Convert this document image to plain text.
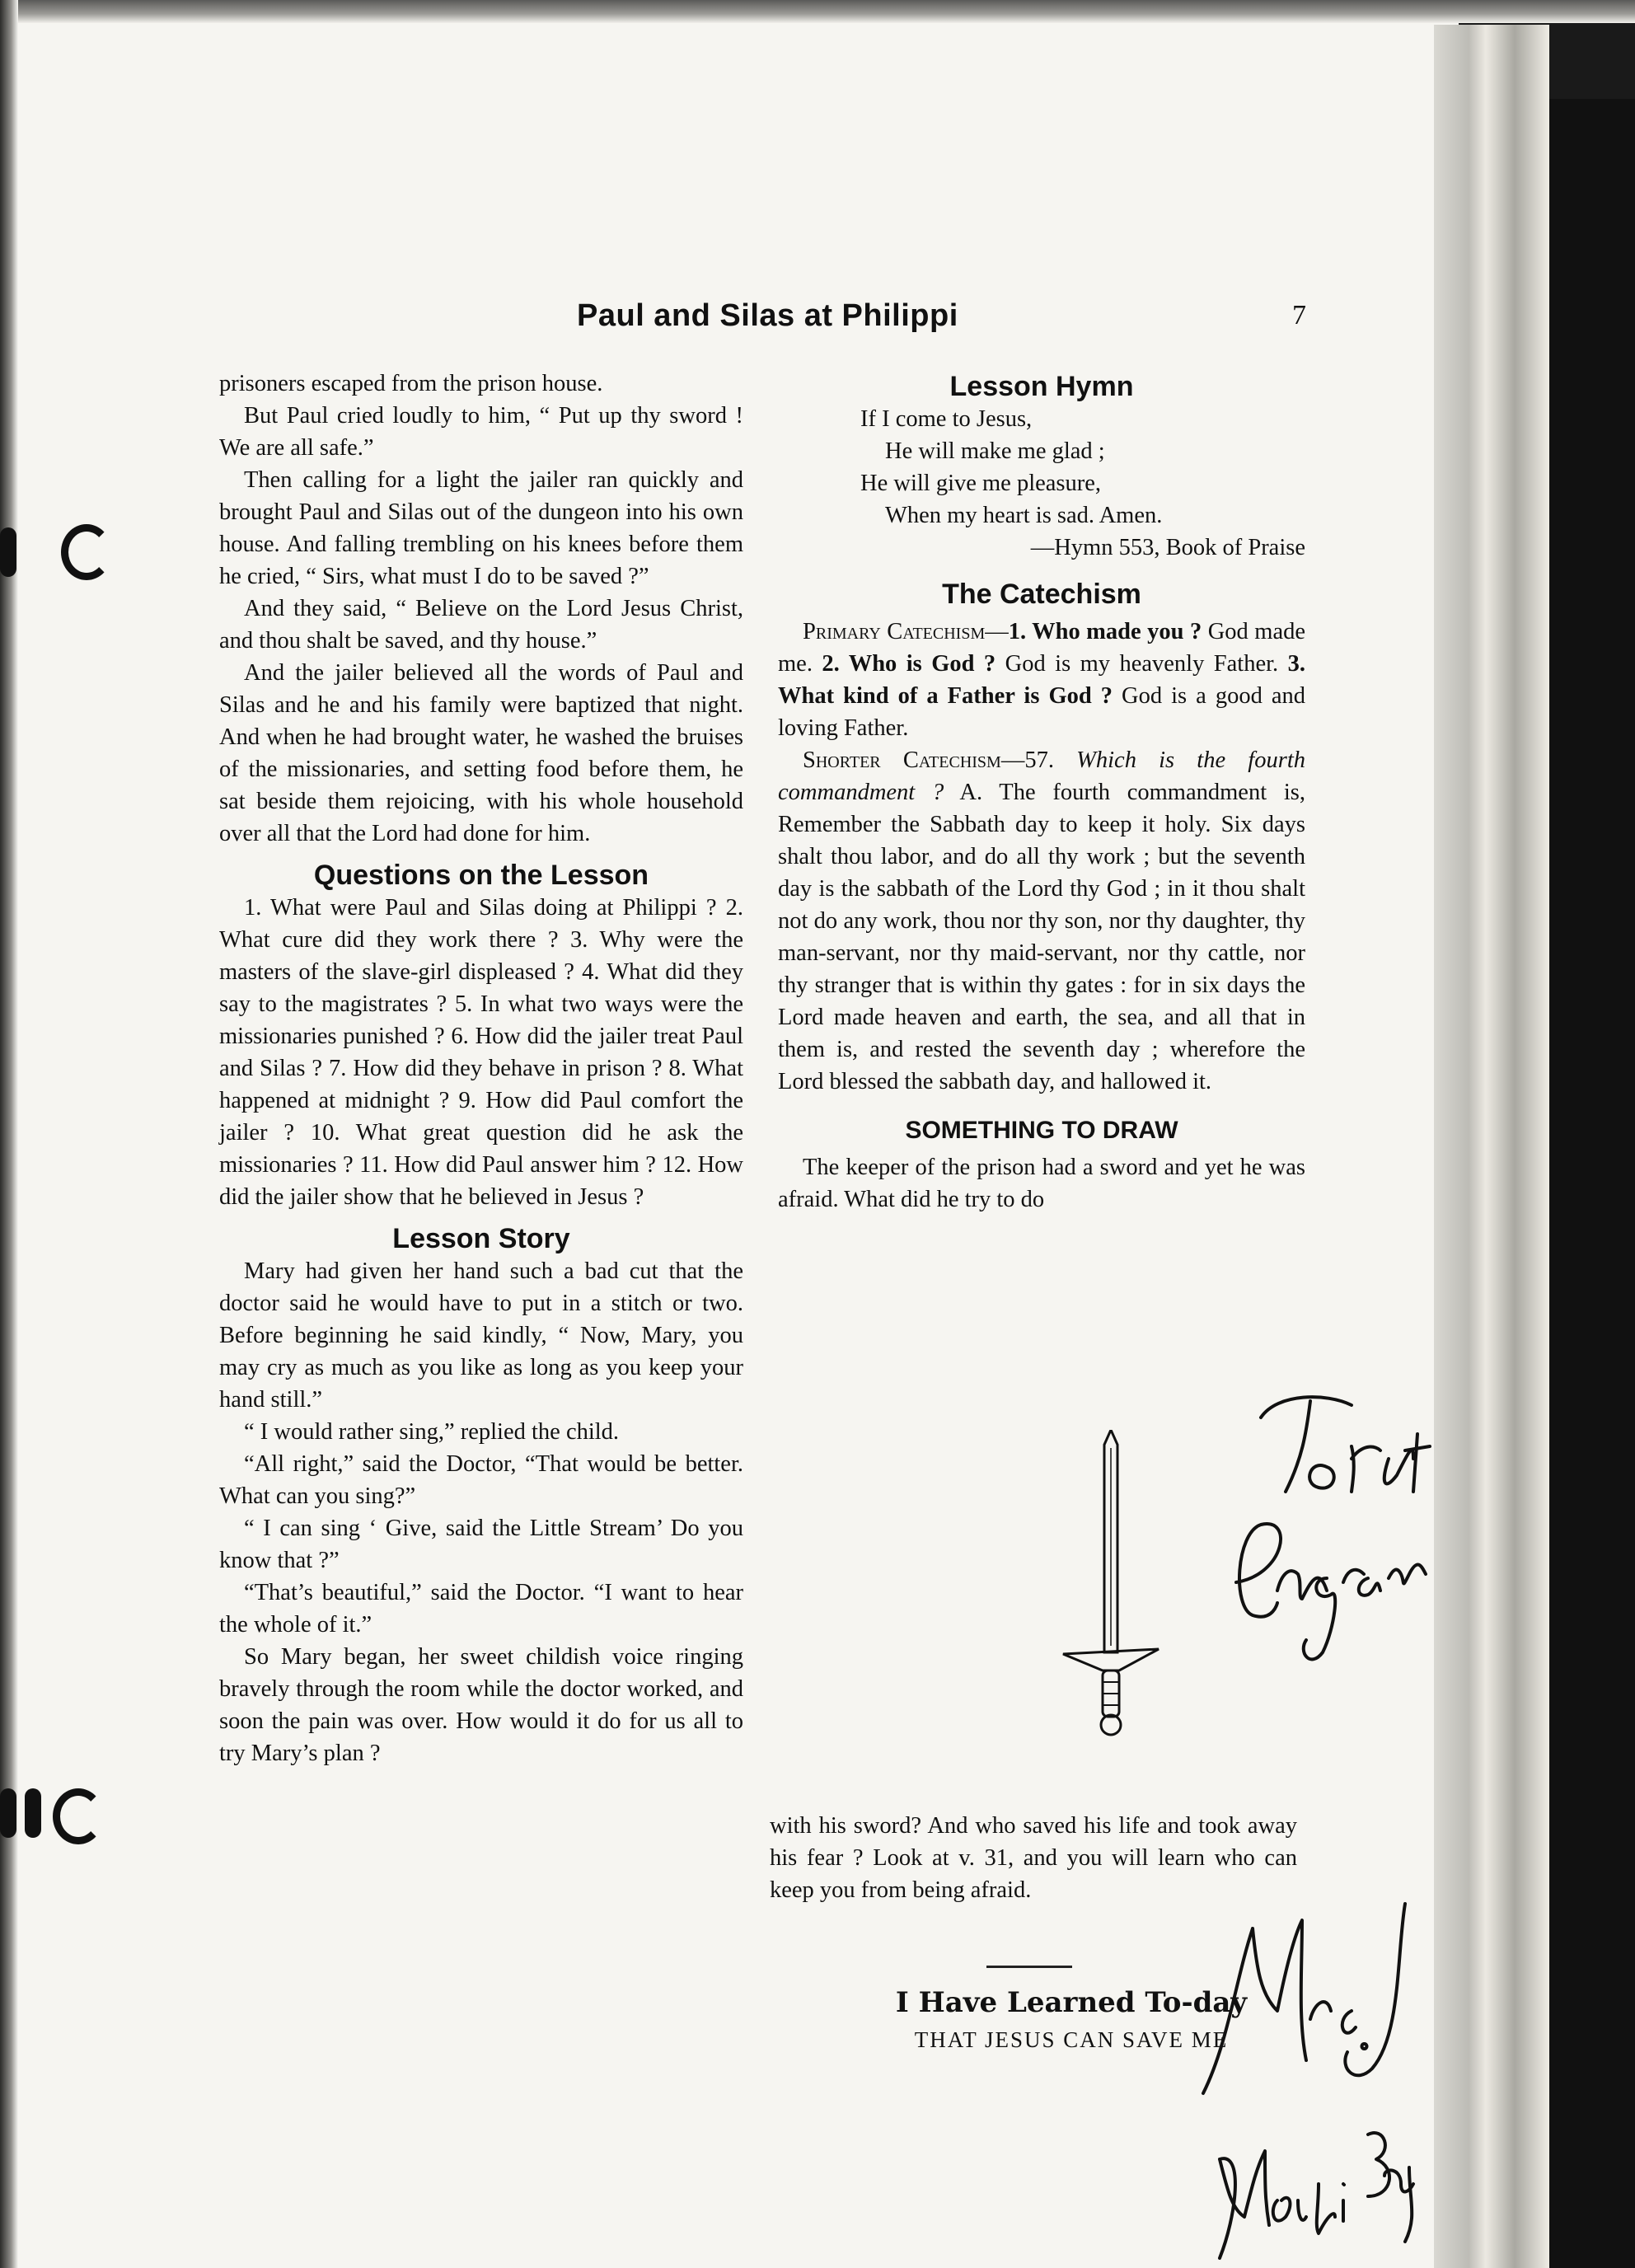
Paul and Silas at Philippi	7

prisoners escaped from the prison house.

But Paul cried loudly to him, “ Put up thy sword ! We are all safe.”

Then calling for a light the jailer ran quickly and brought Paul and Silas out of the dungeon into his own house. And falling trembling on his knees before them he cried, “ Sirs, what must I do to be saved ?”

And they said, “ Believe on the Lord Jesus Christ, and thou shalt be saved, and thy house.”

And the jailer believed all the words of Paul and Silas and he and his family were baptized that night. And when he had brought water, he washed the bruises of the missionaries, and setting food before them, he sat beside them rejoicing, with his whole household over all that the Lord had done for him.

Questions on the Lesson

1. What were Paul and Silas doing at Philippi ? 2. What cure did they work there ? 3. Why were the masters of the slave-girl displeased ? 4. What did they say to the magistrates ? 5. In what two ways were the missionaries punished ? 6. How did the jailer treat Paul and Silas ? 7. How did they behave in prison ? 8. What happened at midnight ? 9. How did Paul comfort the jailer ? 10. What great question did he ask the missionaries ? 11. How did Paul answer him ? 12. How did the jailer show that he believed in Jesus ?

Lesson Story

Mary had given her hand such a bad cut that the doctor said he would have to put in a stitch or two. Before beginning he said kindly, “ Now, Mary, you may cry as much as you like as long as you keep your hand still.”

“ I would rather sing,” replied the child.

“All right,” said the Doctor, “That would be better. What can you sing?”

“ I can sing ‘ Give, said the Little Stream’ Do you know that ?”

“That’s beautiful,” said the Doctor. “I want to hear the whole of it.”

So Mary began, her sweet childish voice ringing bravely through the room while the doctor worked, and soon the pain was over. How would it do for us all to try Mary’s plan ?

Lesson Hymn

If I come to Jesus,

He will make me glad ;

He will give me pleasure,

When my heart is sad. Amen.

—Hymn 553, Book of Praise

The Catechism

Primary Catechism—1. Who made you ? God made me. 2. Who is God ? God is my heavenly Father. 3. What kind of a Father is God ? God is a good and loving Father.

Shorter Catechism—57. Which is the fourth commandment ? A. The fourth commandment is, Remember the Sabbath day to keep it holy. Six days shalt thou labor, and do all thy work ; but the seventh day is the sabbath of the Lord thy God ; in it thou shalt not do any work, thou nor thy son, nor thy daughter, thy man-servant, nor thy maid-servant, nor thy cattle, nor thy stranger that is within thy gates : for in six days the Lord made heaven and earth, the sea, and all that in them is, and rested the seventh day ; wherefore the Lord blessed the sabbath day, and hallowed it.

SOMETHING TO DRAW

The keeper of the prison had a sword and yet he was afraid. What did he try to do

with his sword? And who saved his life and took away his fear ? Look at v. 31, and you will learn who can keep you from being afraid.

I Have Learned To-day
THAT JESUS CAN SAVE ME
